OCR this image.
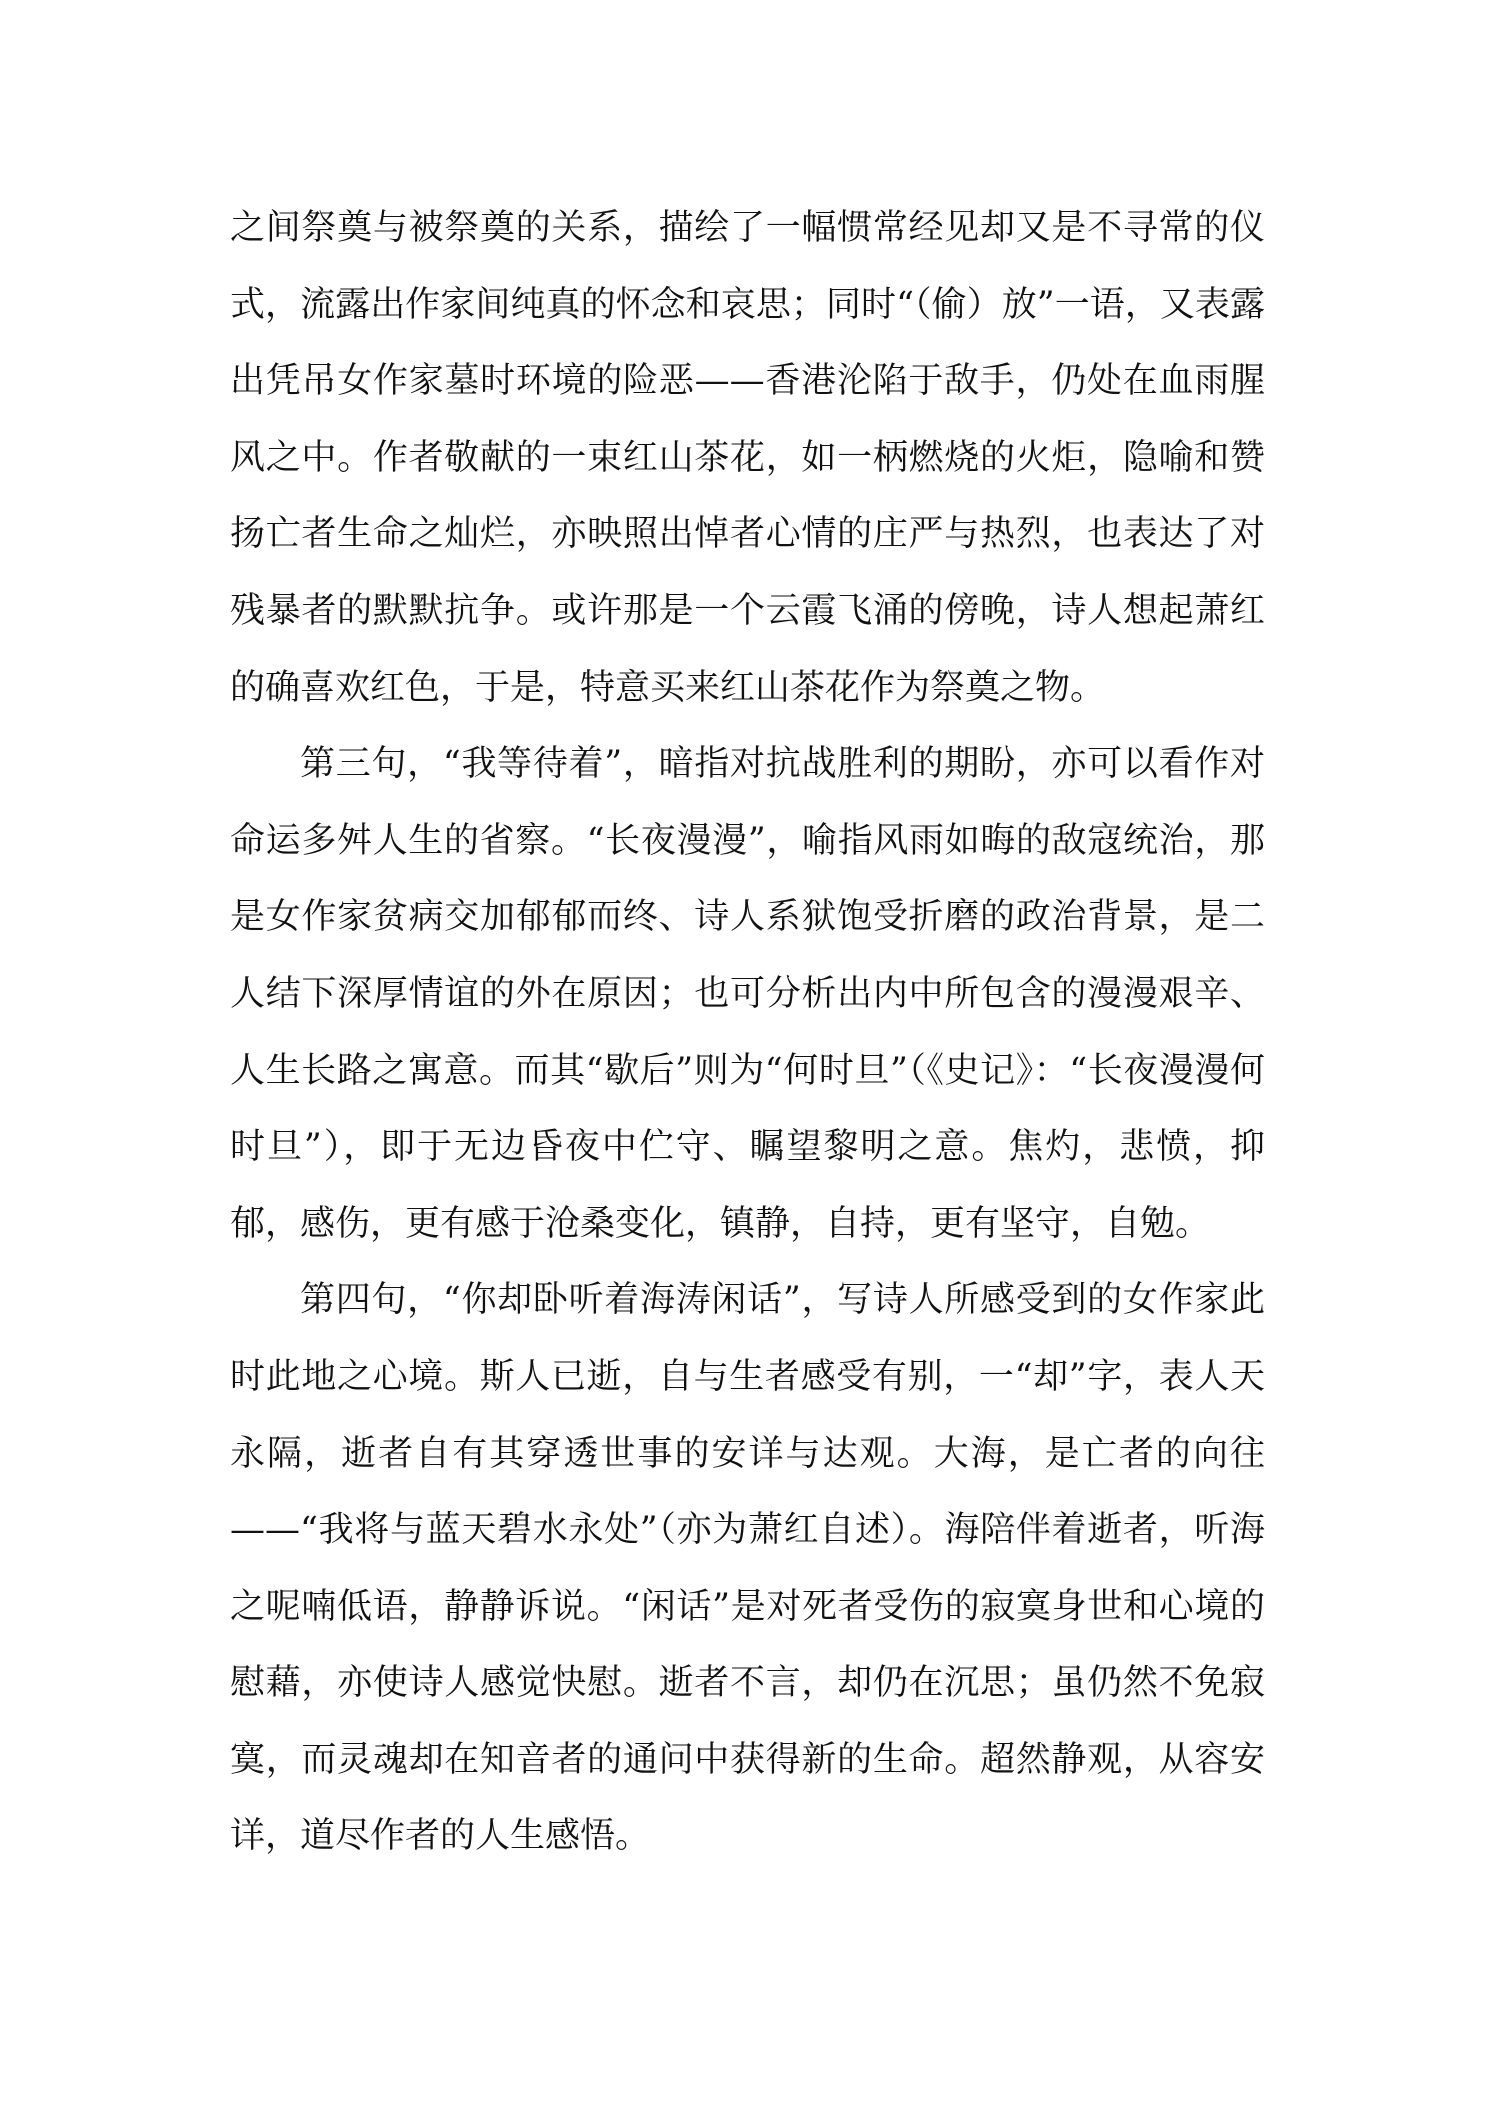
之间祭奠与被祭奠的关系，描绘了一幅惯常经见却又是不寻常的仪式，流露出作家间纯真的怀念和哀思；同时“（偷）放”一语，又表露出凭吊女作家墓时环境的险恶——香港沦陷于敌手，仍处在血雨腥风之中。作者敬献的一束红山茶花，如一柄燃烧的火炬，隐喻和赞扬亡者生命之灿烂，亦映照出悼者心情的庄严与热烈，也表达了对残暴者的默默抗争。或许那是一个云霞飞涌的傍晚，诗人想起萧红的确喜欢红色，于是，特意买来红山茶花作为祭奠之物。

第三句，“我等待着”，暗指对抗战胜利的期盼，亦可以看作对命运多舛人生的省察。“长夜漫漫”，喻指风雨如晦的敌寇统治，那是女作家贫病交加郁郁而终、诗人系狱饱受折磨的政治背景，是二人结下深厚情谊的外在原因；也可分析出内中所包含的漫漫艰辛、人生长路之寓意。而其“歇后”则为“何时旦”（《史记》：“长夜漫漫何时旦”），即于无边昏夜中伫守、瞩望黎明之意。焦灼，悲愤，抑郁，感伤，更有感于沧桑变化，镇静，自持，更有坚守，自勉。

第四句，“你却卧听着海涛闲话”，写诗人所感受到的女作家此时此地之心境。斯人已逝，自与生者感受有别，一“却”字，表人天永隔，逝者自有其穿透世事的安详与达观。大海，是亡者的向往——“我将与蓝天碧水永处”（亦为萧红自述）。海陪伴着逝者，听海之呢喃低语，静静诉说。“闲话”是对死者受伤的寂寞身世和心境的慰藉，亦使诗人感觉快慰。逝者不言，却仍在沉思；虽仍然不免寂寞，而灵魂却在知音者的通问中获得新的生命。超然静观，从容安详，道尽作者的人生感悟。
